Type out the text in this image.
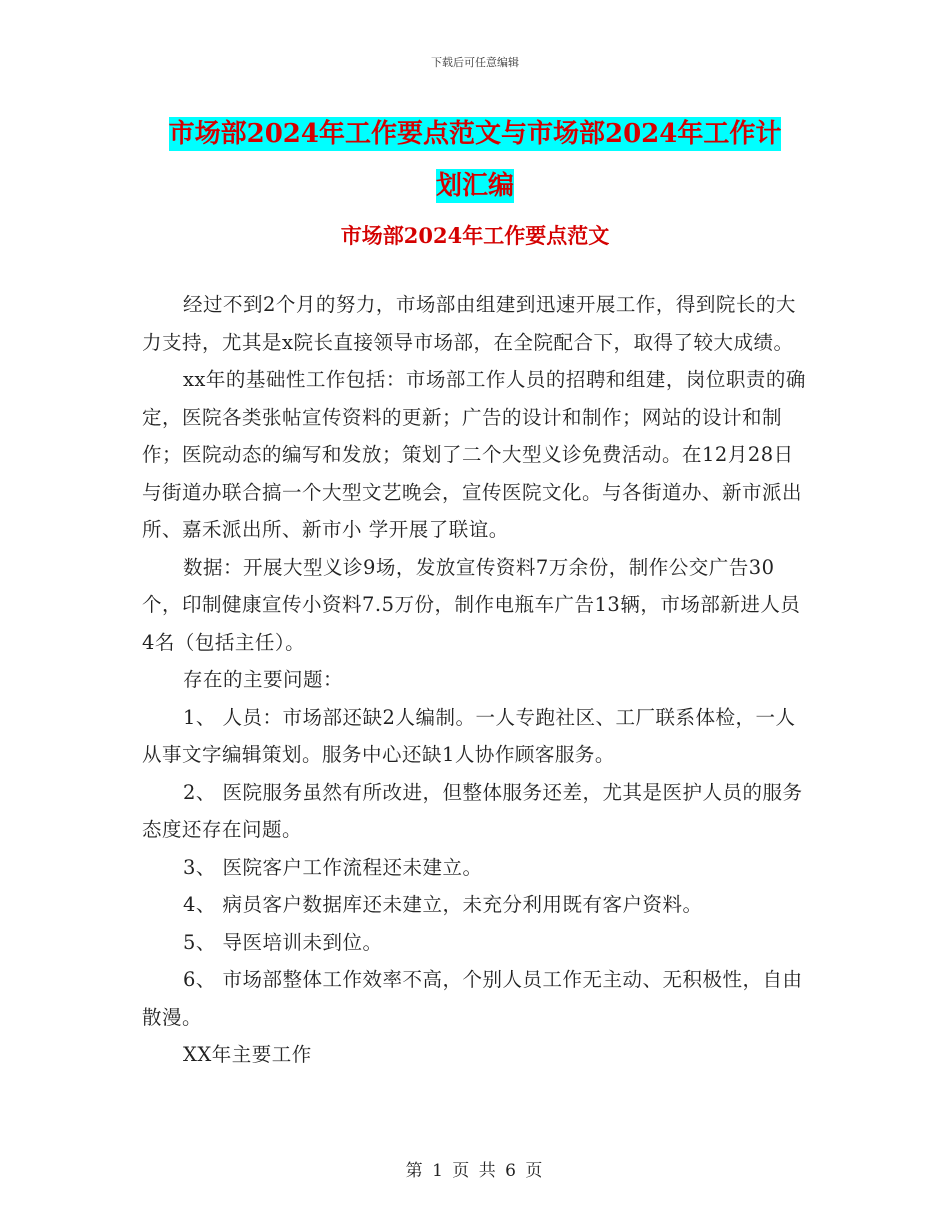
下载后可任意编辑
市场部2024年工作要点范文与市场部2024年工作计
划汇编
市场部2024年工作要点范文

经过不到2个月的努力，市场部由组建到迅速开展工作，得到院长的大力支持，尤其是x院长直接领导市场部，在全院配合下，取得了较大成绩。

xx年的基础性工作包括：市场部工作人员的招聘和组建，岗位职责的确定，医院各类张帖宣传资料的更新；广告的设计和制作；网站的设计和制作；医院动态的编写和发放；策划了二个大型义诊免费活动。在12月28日与街道办联合搞一个大型文艺晚会，宣传医院文化。与各街道办、新市派出所、嘉禾派出所、新市小 学开展了联谊。

数据：开展大型义诊9场，发放宣传资料7万余份，制作公交广告30个，印制健康宣传小资料7.5万份，制作电瓶车广告13辆，市场部新进人员4名（包括主任）。

存在的主要问题：

1、 人员：市场部还缺2人编制。一人专跑社区、工厂联系体检，一人从事文字编辑策划。服务中心还缺1人协作顾客服务。

2、 医院服务虽然有所改进，但整体服务还差，尤其是医护人员的服务态度还存在问题。

3、 医院客户工作流程还未建立。

4、 病员客户数据库还未建立，未充分利用既有客户资料。

5、 导医培训未到位。

6、 市场部整体工作效率不高，个别人员工作无主动、无积极性，自由散漫。

XX年主要工作

第 1 页 共 6 页
